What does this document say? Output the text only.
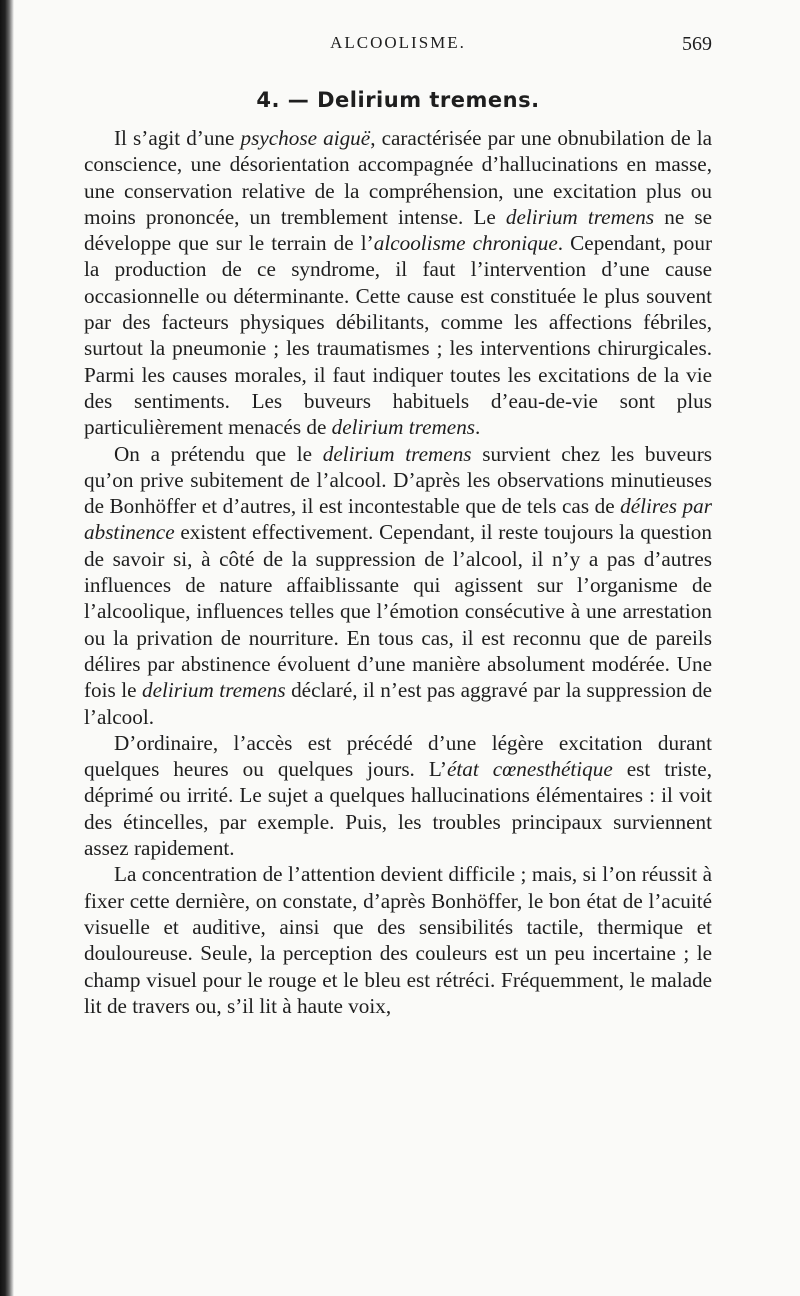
ALCOOLISME.	569
4. — Delirium tremens.

Il s’agit d’une psychose aiguë, caractérisée par une obnubilation de la conscience, une désorientation accompagnée d’hallucinations en masse, une conservation relative de la compréhension, une excitation plus ou moins prononcée, un tremblement intense. Le delirium tremens ne se développe que sur le terrain de l’alcoolisme chronique. Cependant, pour la production de ce syndrome, il faut l’intervention d’une cause occasionnelle ou déterminante. Cette cause est constituée le plus souvent par des facteurs physiques débilitants, comme les affections fébriles, surtout la pneumonie ; les traumatismes ; les interventions chirurgicales. Parmi les causes morales, il faut indiquer toutes les excitations de la vie des sentiments. Les buveurs habituels d’eau-de-vie sont plus particulièrement menacés de delirium tremens.

On a prétendu que le delirium tremens survient chez les buveurs qu’on prive subitement de l’alcool. D’après les observations minutieuses de Bonhöffer et d’autres, il est incontestable que de tels cas de délires par abstinence existent effectivement. Cependant, il reste toujours la question de savoir si, à côté de la suppression de l’alcool, il n’y a pas d’autres influences de nature affaiblissante qui agissent sur l’organisme de l’alcoolique, influences telles que l’émotion consécutive à une arrestation ou la privation de nourriture. En tous cas, il est reconnu que de pareils délires par abstinence évoluent d’une manière absolument modérée. Une fois le delirium tremens déclaré, il n’est pas aggravé par la suppression de l’alcool.

D’ordinaire, l’accès est précédé d’une légère excitation durant quelques heures ou quelques jours. L’état cœnesthétique est triste, déprimé ou irrité. Le sujet a quelques hallucinations élémentaires : il voit des étincelles, par exemple. Puis, les troubles principaux surviennent assez rapidement.

La concentration de l’attention devient difficile ; mais, si l’on réussit à fixer cette dernière, on constate, d’après Bonhöffer, le bon état de l’acuité visuelle et auditive, ainsi que des sensibilités tactile, thermique et douloureuse. Seule, la perception des couleurs est un peu incertaine ; le champ visuel pour le rouge et le bleu est rétréci. Fréquemment, le malade lit de travers ou, s’il lit à haute voix,
